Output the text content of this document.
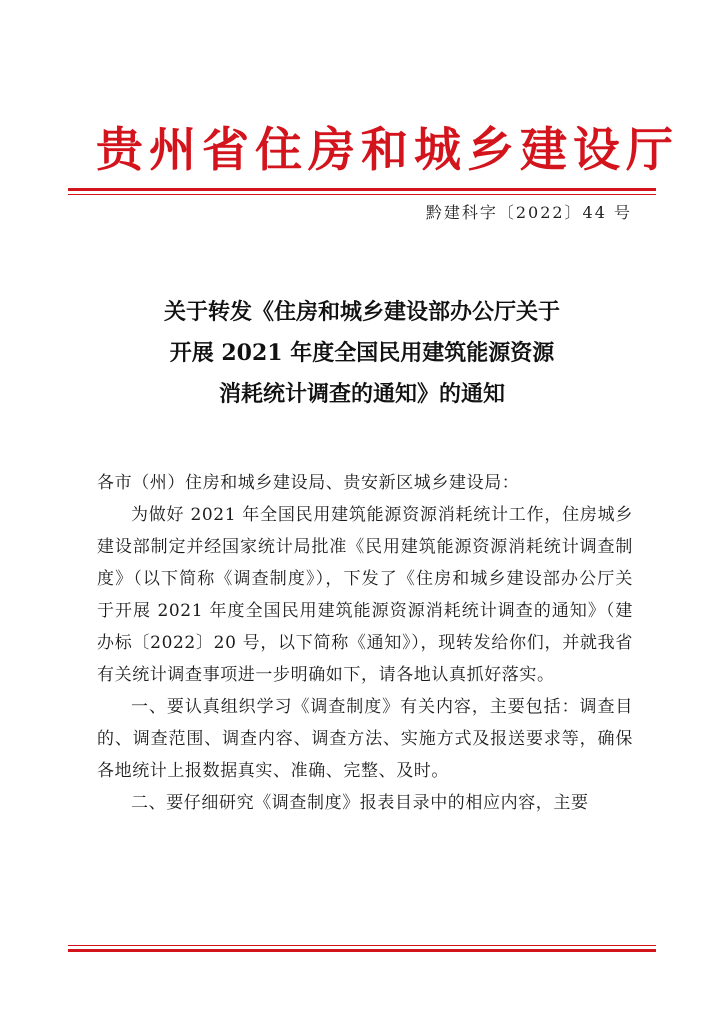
贵州省住房和城乡建设厅
黔建科字〔2022〕44 号
关于转发《住房和城乡建设部办公厅关于
开展 2021 年度全国民用建筑能源资源
消耗统计调查的通知》的通知

各市（州）住房和城乡建设局、贵安新区城乡建设局：

为做好 2021 年全国民用建筑能源资源消耗统计工作，住房城乡建设部制定并经国家统计局批准《民用建筑能源资源消耗统计调查制度》（以下简称《调查制度》），下发了《住房和城乡建设部办公厅关于开展 2021 年度全国民用建筑能源资源消耗统计调查的通知》（建办标〔2022〕20 号，以下简称《通知》），现转发给你们，并就我省有关统计调查事项进一步明确如下，请各地认真抓好落实。

一、要认真组织学习《调查制度》有关内容，主要包括：调查目的、调查范围、调查内容、调查方法、实施方式及报送要求等，确保各地统计上报数据真实、准确、完整、及时。

二、要仔细研究《调查制度》报表目录中的相应内容，主要
